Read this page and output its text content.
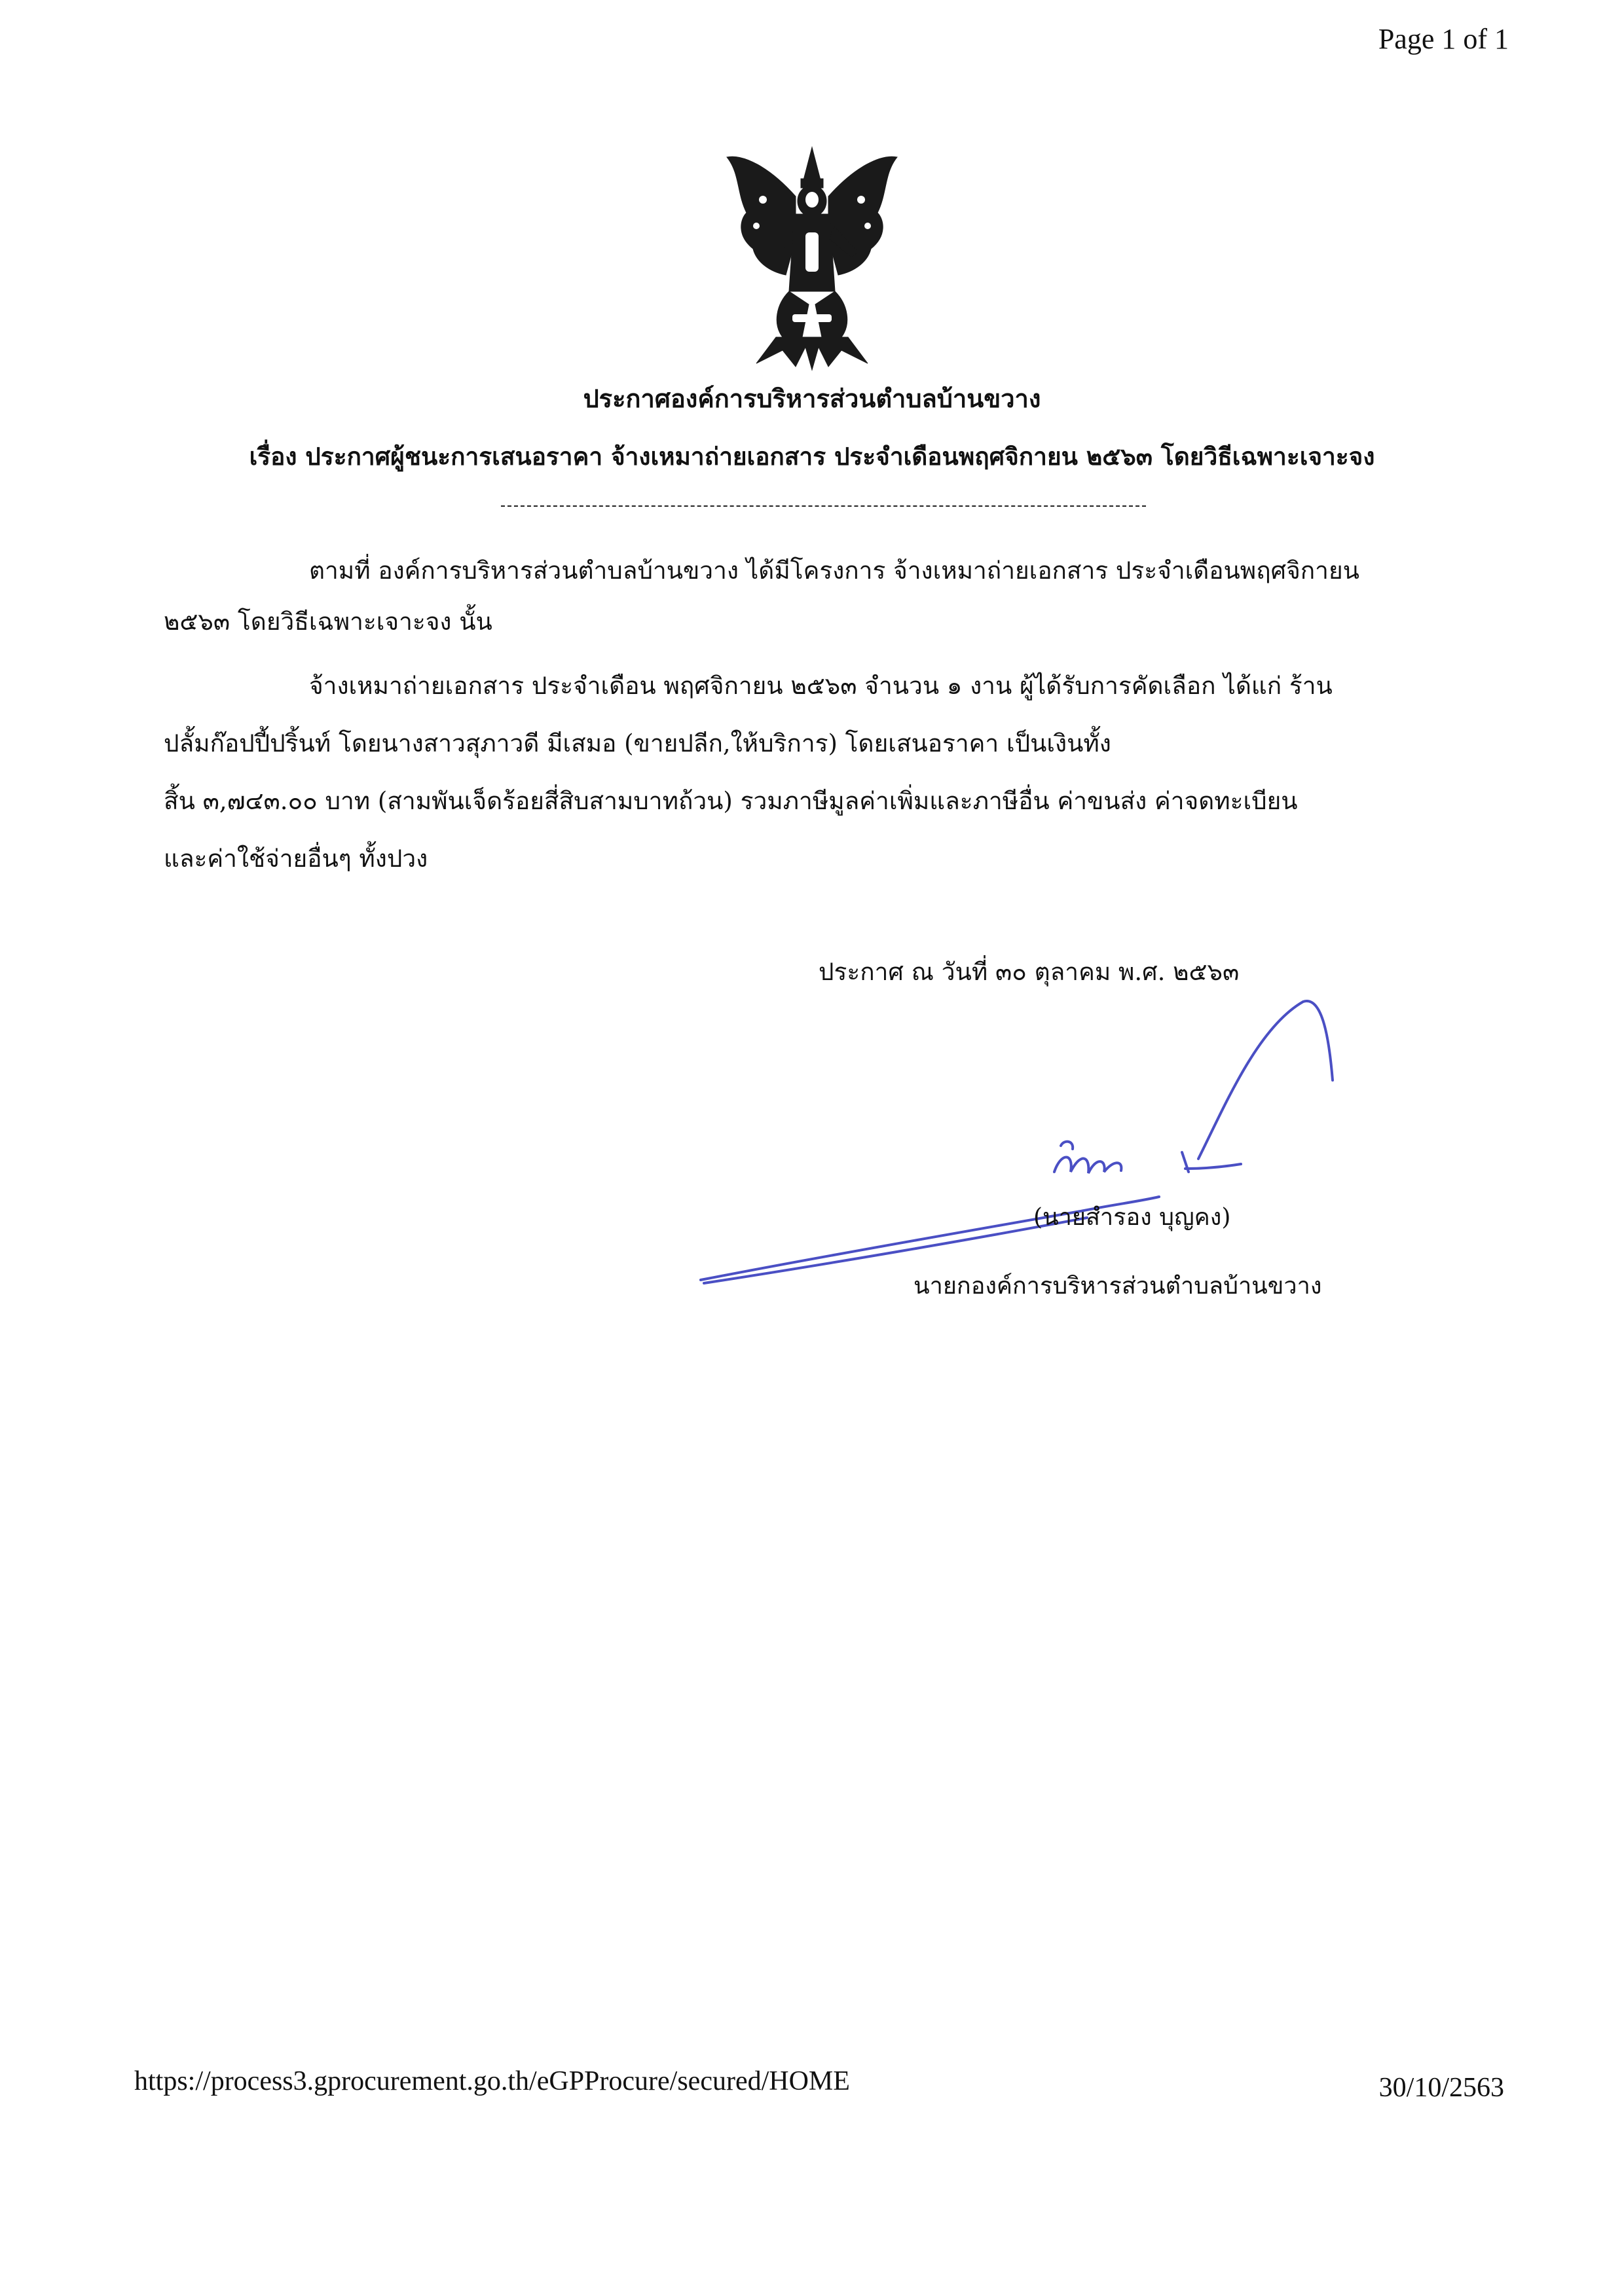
Page 1 of 1
ประกาศองค์การบริหารส่วนตำบลบ้านขวาง
เรื่อง ประกาศผู้ชนะการเสนอราคา จ้างเหมาถ่ายเอกสาร ประจำเดือนพฤศจิกายน ๒๕๖๓ โดยวิธีเฉพาะเจาะจง
ตามที่ องค์การบริหารส่วนตำบลบ้านขวาง ได้มีโครงการ จ้างเหมาถ่ายเอกสาร ประจำเดือนพฤศจิกายน
๒๕๖๓ โดยวิธีเฉพาะเจาะจง นั้น
จ้างเหมาถ่ายเอกสาร ประจำเดือน พฤศจิกายน ๒๕๖๓ จำนวน ๑ งาน ผู้ได้รับการคัดเลือก ได้แก่ ร้าน
ปลั้มก๊อปปี้ปริ้นท์ โดยนางสาวสุภาวดี มีเสมอ (ขายปลีก,ให้บริการ) โดยเสนอราคา เป็นเงินทั้ง
สิ้น ๓,๗๔๓.๐๐ บาท (สามพันเจ็ดร้อยสี่สิบสามบาทถ้วน) รวมภาษีมูลค่าเพิ่มและภาษีอื่น ค่าขนส่ง ค่าจดทะเบียน
และค่าใช้จ่ายอื่นๆ ทั้งปวง
ประกาศ ณ วันที่ ๓๐ ตุลาคม พ.ศ. ๒๕๖๓
(นายสำรอง บุญคง)
นายกองค์การบริหารส่วนตำบลบ้านขวาง
https://process3.gprocurement.go.th/eGPProcure/secured/HOME	30/10/2563
